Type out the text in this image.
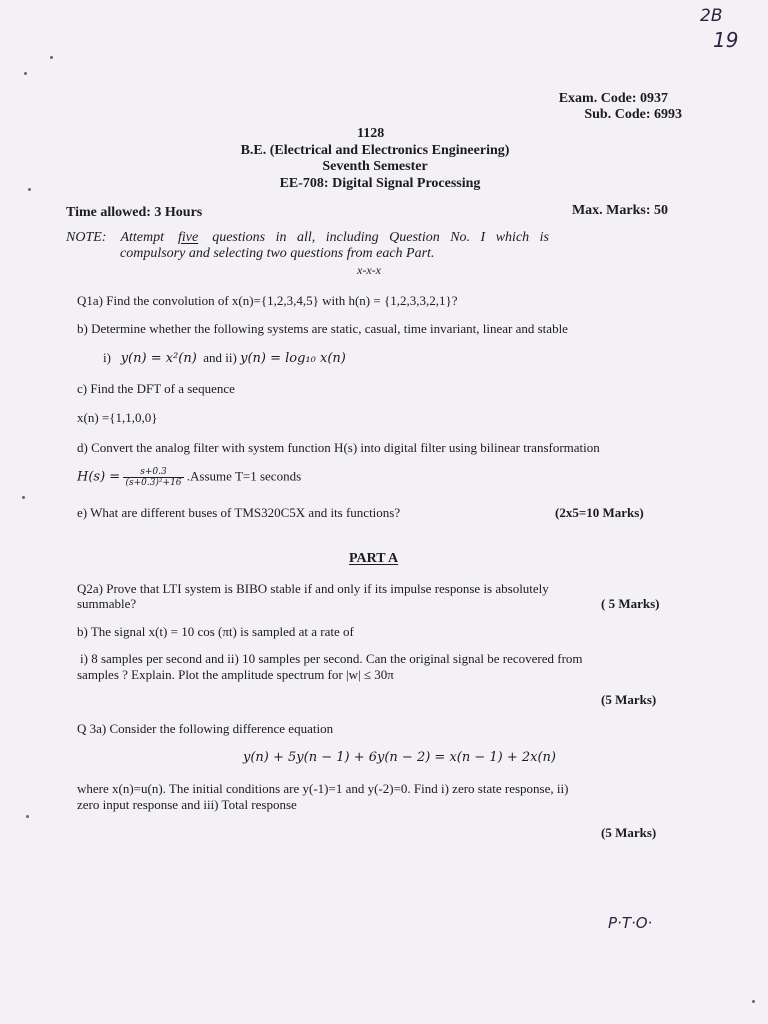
2B
19
Exam. Code: 0937
Sub. Code: 6993
1128
B.E. (Electrical and Electronics Engineering)
Seventh Semester
EE-708: Digital Signal Processing
Time allowed: 3 Hours	Max. Marks: 50
NOTE: Attempt five questions   in   all,   including   Question   No.   I   which   is
compulsory and selecting two questions from each Part.
x-x-x
Q1a) Find the convolution of x(n)={1,2,3,4,5} with h(n) = {1,2,3,3,2,1}?
b) Determine whether the following systems are static, casual, time invariant, linear and stable
i) y(n) = x²(n) and ii) y(n) = log₁₀ x(n)
c) Find the DFT of a sequence
x(n) ={1,1,0,0}
d) Convert the analog filter with system function H(s) into digital filter using bilinear transformation
$H(s) = \frac{s+0.3}{\text{(s+0.3)²+16}}$ .Assume T=1 seconds
e) What are different buses of TMS320C5X and its functions?	(2x5=10 Marks)
PART A
Q2a) Prove that LTI system is BIBO stable if and only if its impulse response is absolutely
summable?	( 5 Marks)
b) The signal x(t) = 10 cos (πt) is sampled at a rate of
i) 8 samples per second and ii) 10 samples per second. Can the original signal be recovered from
samples ? Explain. Plot the amplitude spectrum for |w| ≤ 30π
(5 Marks)
Q 3a) Consider the following difference equation
y(n) + 5y(n − 1) + 6y(n − 2) = x(n − 1) + 2x(n)
where x(n)=u(n). The initial conditions are y(-1)=1 and y(-2)=0. Find i) zero state response, ii)
zero input response and iii) Total response
(5 Marks)
P·T·O·
